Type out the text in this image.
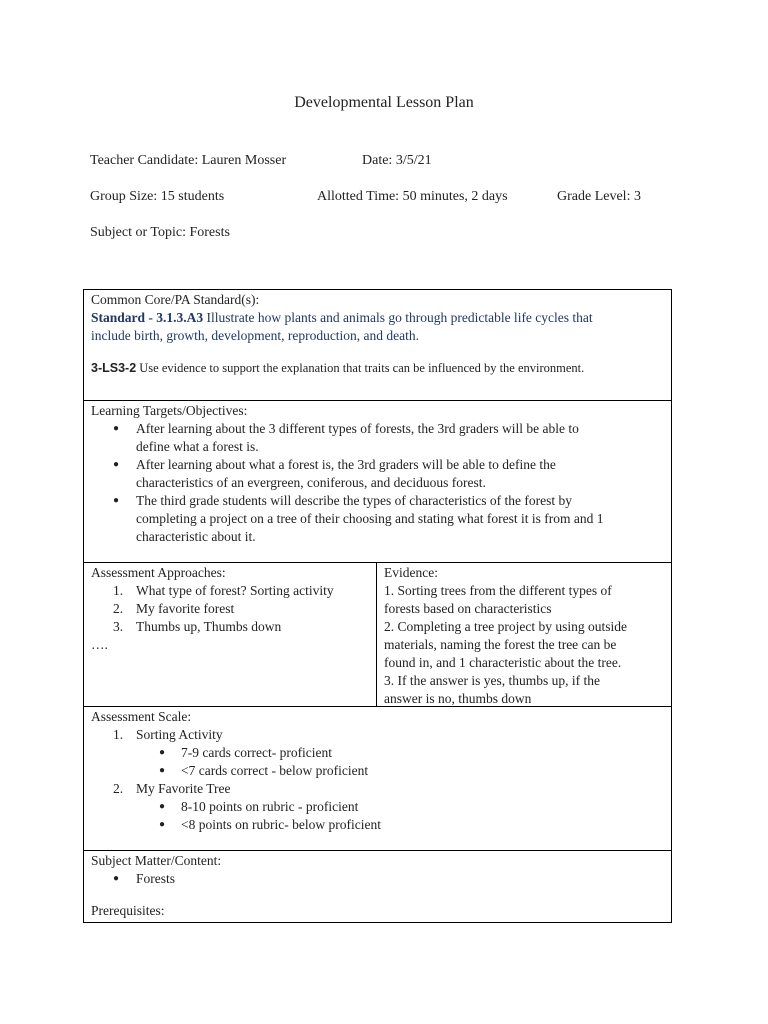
Developmental Lesson Plan
Teacher Candidate: Lauren Mosser	Date: 3/5/21
Group Size: 15 students	Allotted Time: 50 minutes, 2 days	Grade Level: 3
Subject or Topic: Forests
Common Core/PA Standard(s):
Standard - 3.1.3.A3 Illustrate how plants and animals go through predictable life cycles that
include birth, growth, development, reproduction, and death.
3-LS3-2 Use evidence to support the explanation that traits can be influenced by the environment.
Learning Targets/Objectives:
● After learning about the 3 different types of forests, the 3rd graders will be able to
define what a forest is.
● After learning about what a forest is, the 3rd graders will be able to define the
characteristics of an evergreen, coniferous, and deciduous forest.
● The third grade students will describe the types of characteristics of the forest by
completing a project on a tree of their choosing and stating what forest it is from and 1
characteristic about it.
Assessment Approaches:
1. What type of forest? Sorting activity
2. My favorite forest
3. Thumbs up, Thumbs down
….
Evidence:
1. Sorting trees from the different types of
forests based on characteristics
2. Completing a tree project by using outside
materials, naming the forest the tree can be
found in, and 1 characteristic about the tree.
3. If the answer is yes, thumbs up, if the
answer is no, thumbs down
Assessment Scale:
1. Sorting Activity
● 7-9 cards correct- proficient
● <7 cards correct - below proficient
2. My Favorite Tree
● 8-10 points on rubric - proficient
● <8 points on rubric- below proficient
Subject Matter/Content:
● Forests
Prerequisites:
